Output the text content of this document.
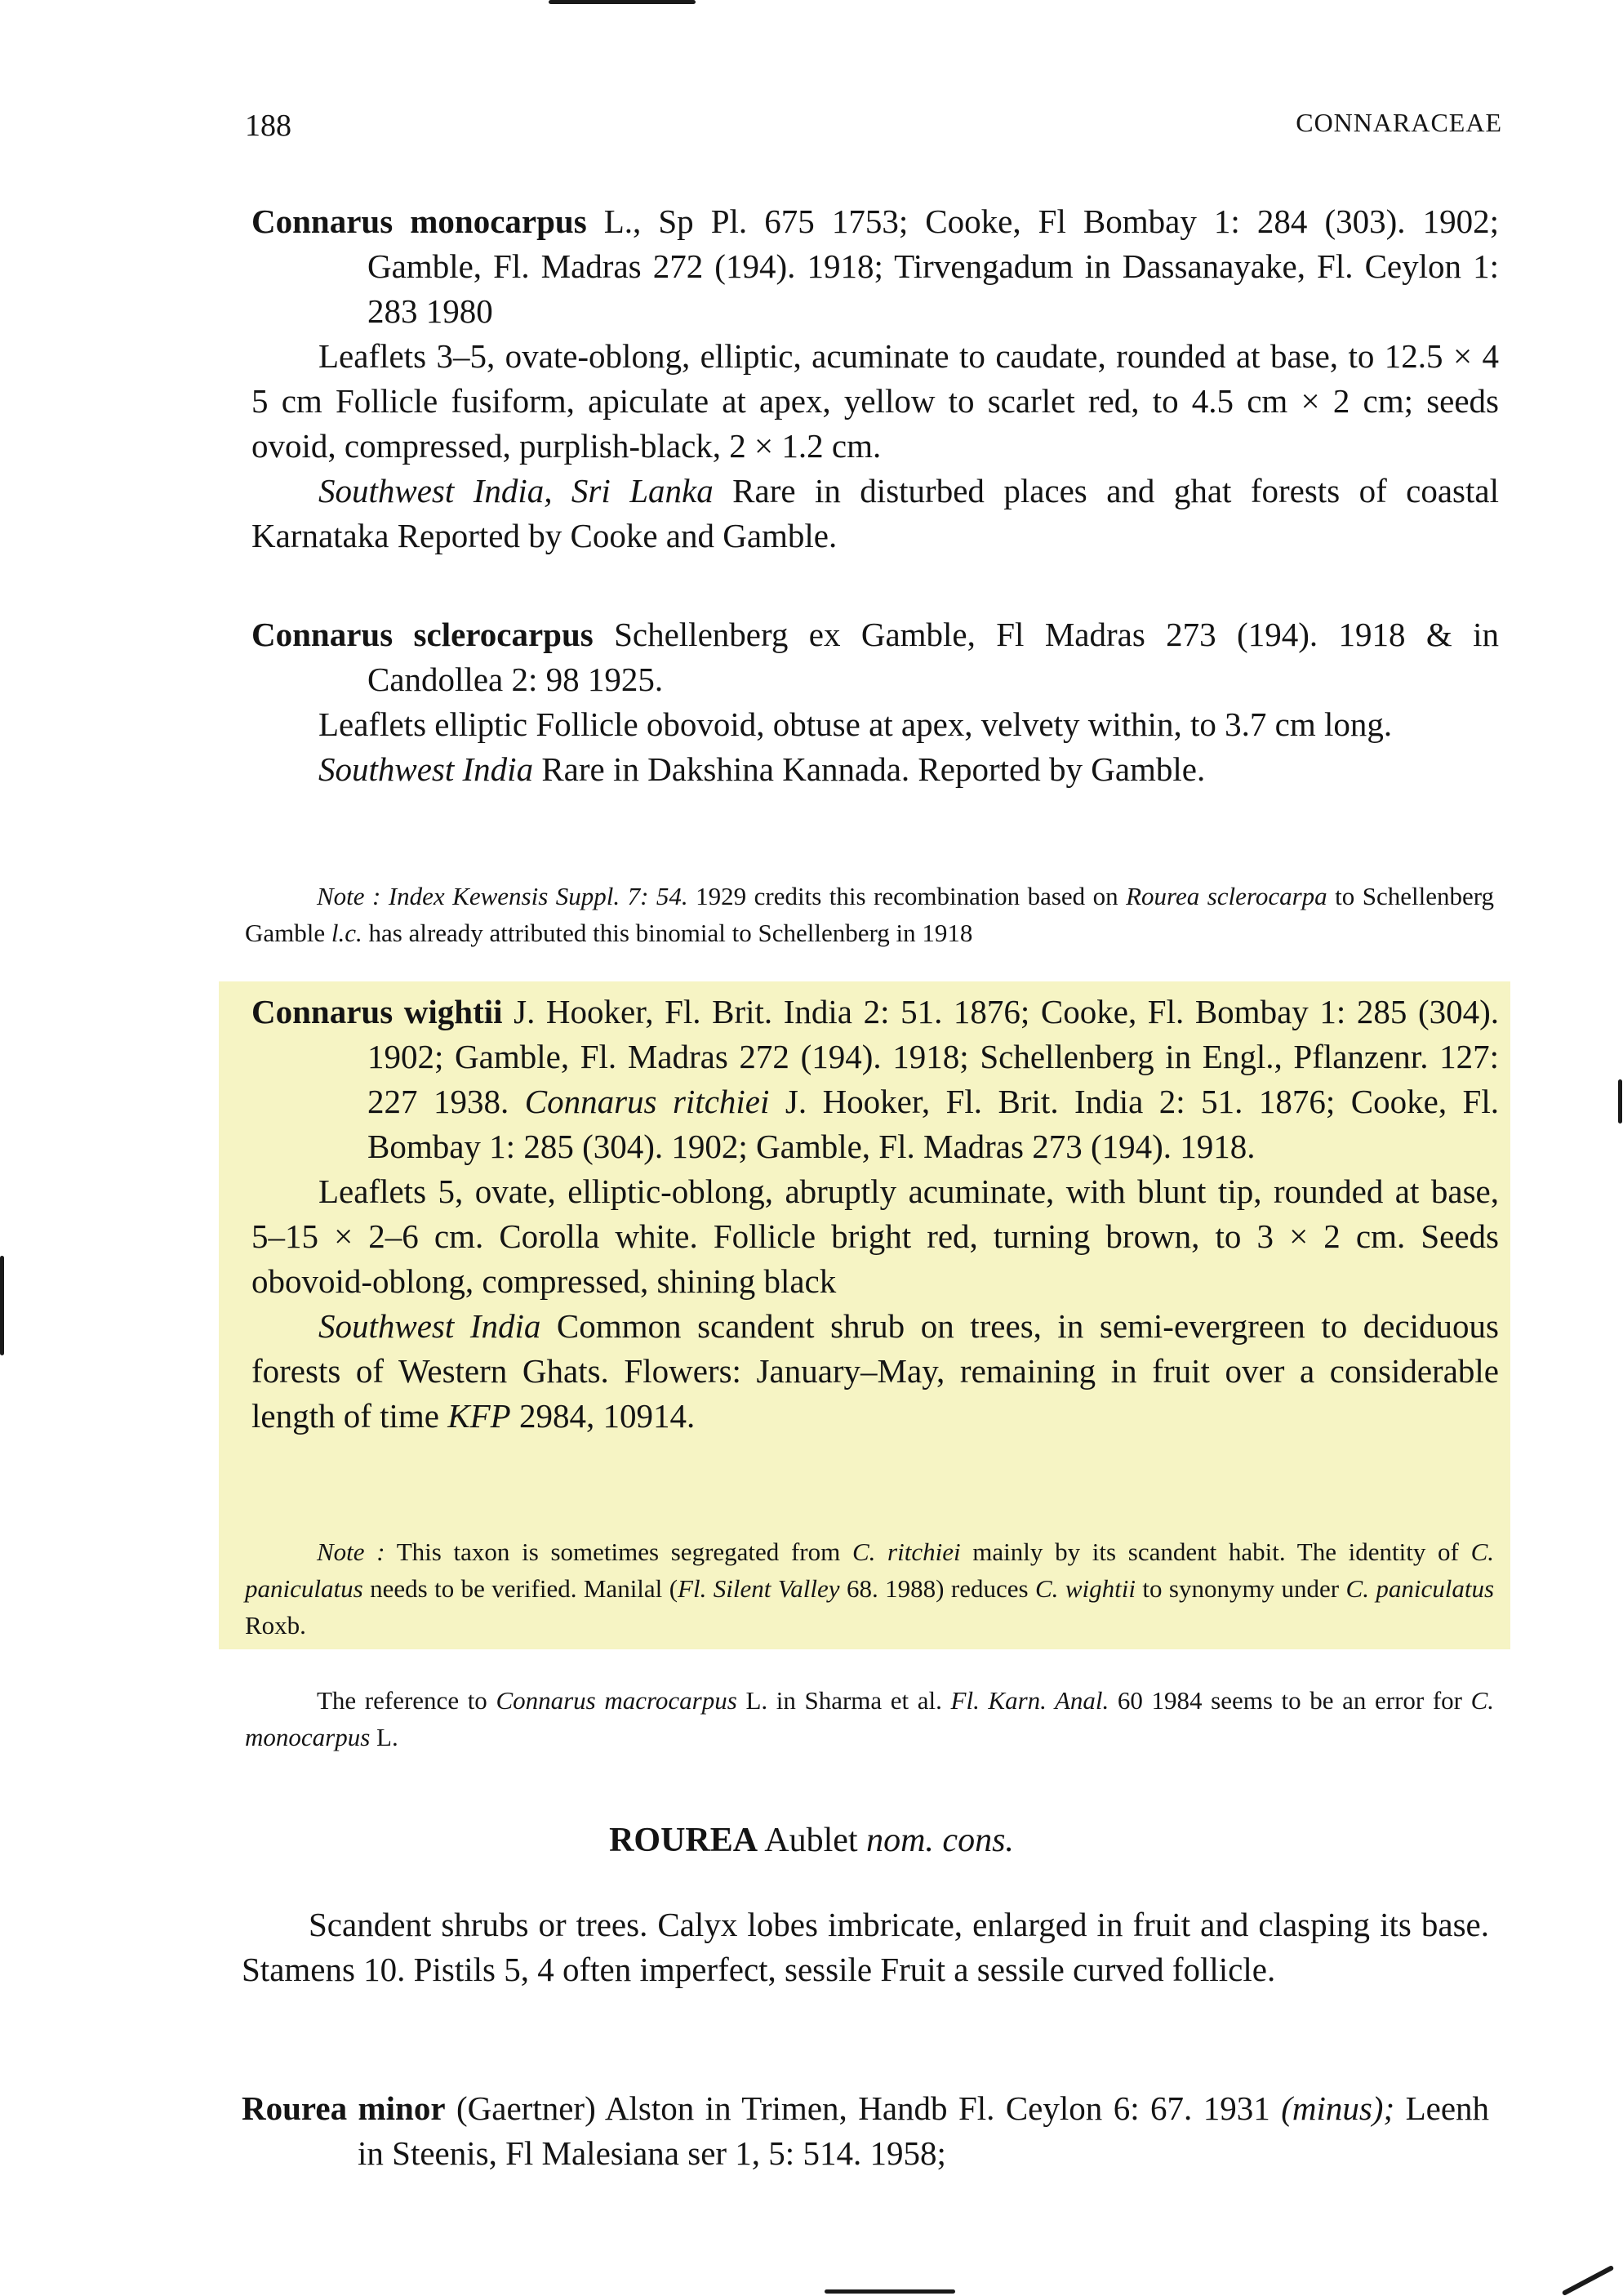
188	CONNARACEAE

Connarus monocarpus L., Sp Pl. 675 1753; Cooke, Fl Bombay 1: 284 (303). 1902; Gamble, Fl. Madras 272 (194). 1918; Tirvengadum in Dassanayake, Fl. Ceylon 1: 283 1980

Leaflets 3–5, ovate-oblong, elliptic, acuminate to caudate, rounded at base, to 12.5 × 4 5 cm Follicle fusiform, apiculate at apex, yellow to scarlet red, to 4.5 cm × 2 cm; seeds ovoid, compressed, purplish-black, 2 × 1.2 cm.

Southwest India, Sri Lanka Rare in disturbed places and ghat forests of coastal Karnataka Reported by Cooke and Gamble.

Connarus sclerocarpus Schellenberg ex Gamble, Fl Madras 273 (194). 1918 & in Candollea 2: 98 1925.

Leaflets elliptic Follicle obovoid, obtuse at apex, velvety within, to 3.7 cm long.

Southwest India Rare in Dakshina Kannada. Reported by Gamble.

Note : Index Kewensis Suppl. 7: 54. 1929 credits this recombination based on Rourea sclerocarpa to Schellenberg Gamble l.c. has already attributed this binomial to Schellenberg in 1918

Connarus wightii J. Hooker, Fl. Brit. India 2: 51. 1876; Cooke, Fl. Bombay 1: 285 (304). 1902; Gamble, Fl. Madras 272 (194). 1918; Schellenberg in Engl., Pflanzenr. 127: 227 1938. Connarus ritchiei J. Hooker, Fl. Brit. India 2: 51. 1876; Cooke, Fl. Bombay 1: 285 (304). 1902; Gamble, Fl. Madras 273 (194). 1918.

Leaflets 5, ovate, elliptic-oblong, abruptly acuminate, with blunt tip, rounded at base, 5–15 × 2–6 cm. Corolla white. Follicle bright red, turning brown, to 3 × 2 cm. Seeds obovoid-oblong, compressed, shining black

Southwest India Common scandent shrub on trees, in semi-evergreen to deciduous forests of Western Ghats. Flowers: January–May, remaining in fruit over a considerable length of time KFP 2984, 10914.

Note : This taxon is sometimes segregated from C. ritchiei mainly by its scandent habit. The identity of C. paniculatus needs to be verified. Manilal (Fl. Silent Valley 68. 1988) reduces C. wightii to synonymy under C. paniculatus Roxb.
The reference to Connarus macrocarpus L. in Sharma et al. Fl. Karn. Anal. 60 1984 seems to be an error for C. monocarpus L.
ROUREA Aublet nom. cons.

Scandent shrubs or trees. Calyx lobes imbricate, enlarged in fruit and clasping its base. Stamens 10. Pistils 5, 4 often imperfect, sessile Fruit a sessile curved follicle.

Rourea minor (Gaertner) Alston in Trimen, Handb Fl. Ceylon 6: 67. 1931 (minus); Leenh in Steenis, Fl Malesiana ser 1, 5: 514. 1958;
